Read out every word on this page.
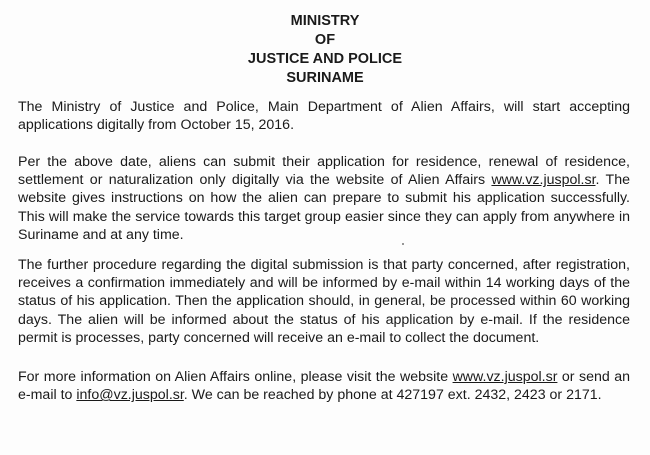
MINISTRY
OF
JUSTICE AND POLICE
SURINAME

The Ministry of Justice and Police, Main Department of Alien Affairs, will start accepting applications digitally from October 15, 2016.

Per the above date, aliens can submit their application for residence, renewal of residence, settlement or naturalization only digitally via the website of Alien Affairs www.vz.juspol.sr. The website gives instructions on how the alien can prepare to submit his application successfully. This will make the service towards this target group easier since they can apply from anywhere in Suriname and at any time.

The further procedure regarding the digital submission is that party concerned, after registration, receives a confirmation immediately and will be informed by e-mail within 14 working days of the status of his application. Then the application should, in general, be processed within 60 working days. The alien will be informed about the status of his application by e-mail. If the residence permit is processes, party concerned will receive an e-mail to collect the document.

For more information on Alien Affairs online, please visit the website www.vz.juspol.sr or send an e-mail to info@vz.juspol.sr. We can be reached by phone at 427197 ext. 2432, 2423 or 2171.
